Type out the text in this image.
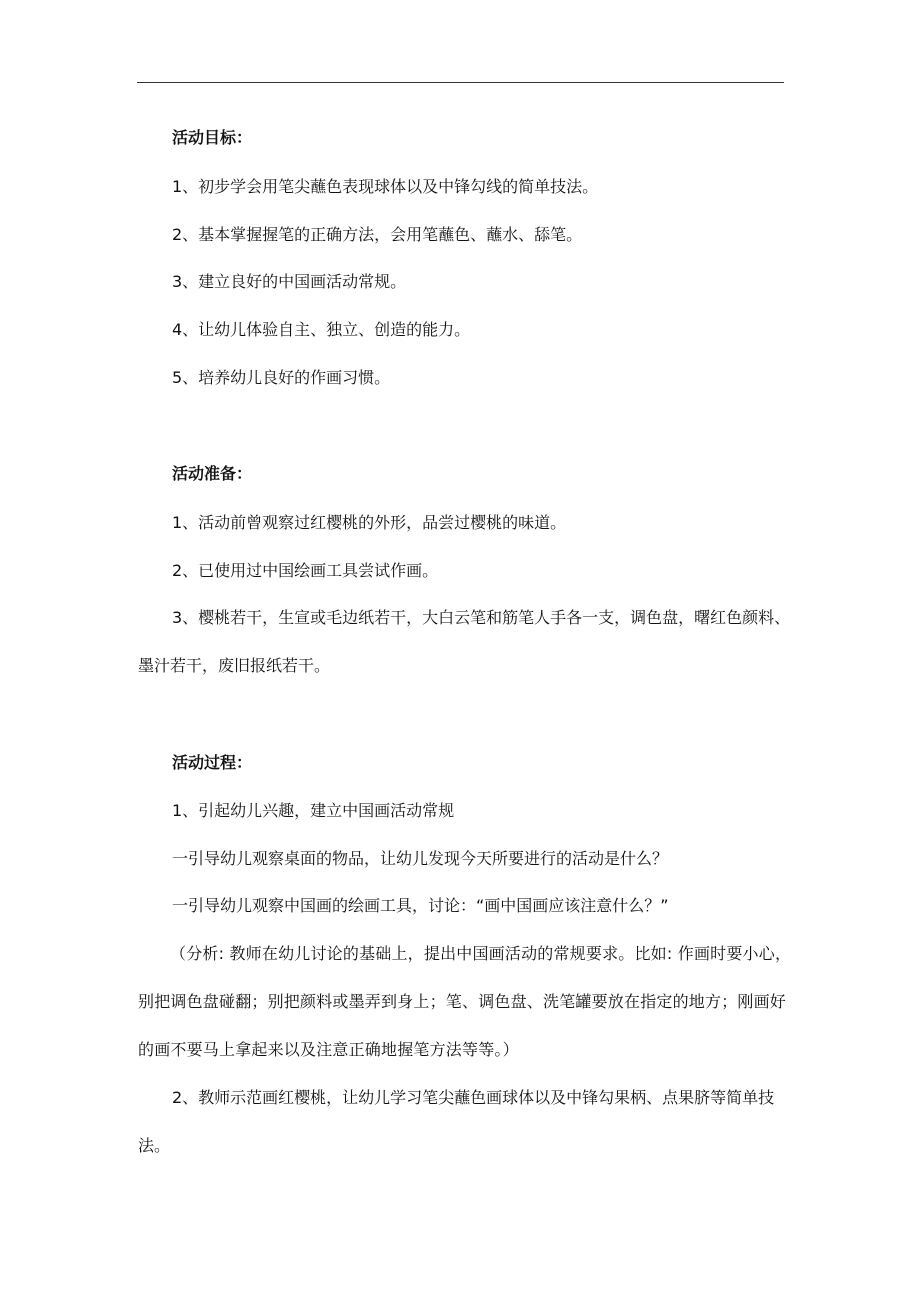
活动目标：
1、初步学会用笔尖蘸色表现球体以及中锋勾线的简单技法。
2、基本掌握握笔的正确方法，会用笔蘸色、蘸水、舔笔。
3、建立良好的中国画活动常规。
4、让幼儿体验自主、独立、创造的能力。
5、培养幼儿良好的作画习惯。
活动准备：
1、活动前曾观察过红樱桃的外形，品尝过樱桃的味道。
2、已使用过中国绘画工具尝试作画。
3、樱桃若干，生宣或毛边纸若干，大白云笔和筋笔人手各一支，调色盘，曙红色颜料、
墨汁若干，废旧报纸若干。
活动过程：
1、引起幼儿兴趣，建立中国画活动常规
一引导幼儿观察桌面的物品，让幼儿发现今天所要进行的活动是什么？
一引导幼儿观察中国画的绘画工具，讨论：“画中国画应该注意什么？”
（分析: 教师在幼儿讨论的基础上，提出中国画活动的常规要求。比如: 作画时要小心，
别把调色盘碰翻；别把颜料或墨弄到身上；笔、调色盘、洗笔罐要放在指定的地方；刚画好
的画不要马上拿起来以及注意正确地握笔方法等等。）
2、教师示范画红樱桃，让幼儿学习笔尖蘸色画球体以及中锋勾果柄、点果脐等简单技
法。
